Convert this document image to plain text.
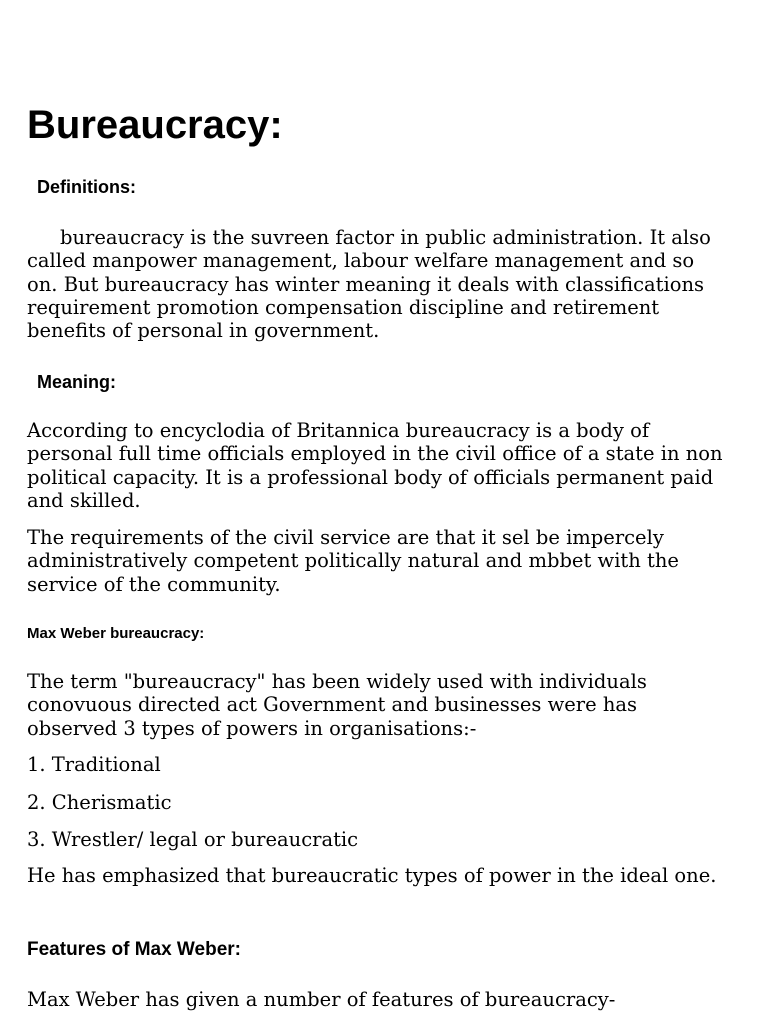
Bureaucracy:
Definitions:

bureaucracy is the suvreen factor in public administration. It also called manpower management, labour welfare management and so on. But bureaucracy has winter meaning it deals with classifications requirement promotion compensation discipline and retirement benefits of personal in government.

Meaning:

According to encyclodia of Britannica bureaucracy is a body of personal full time officials employed in the civil office of a state in non political capacity. It is a professional body of officials permanent paid and skilled.

The requirements of the civil service are that it sel be impercely administratively competent politically natural and mbbet with the service of the community.

Max Weber bureaucracy:

The term "bureaucracy" has been widely used with individuals conovuous directed act Government and businesses were has observed 3 types of powers in organisations:-

1. Traditional

2. Cherismatic

3. Wrestler/ legal or bureaucratic

He has emphasized that bureaucratic types of power in the ideal one.

Features of Max Weber:

Max Weber has given a number of features of bureaucracy-
